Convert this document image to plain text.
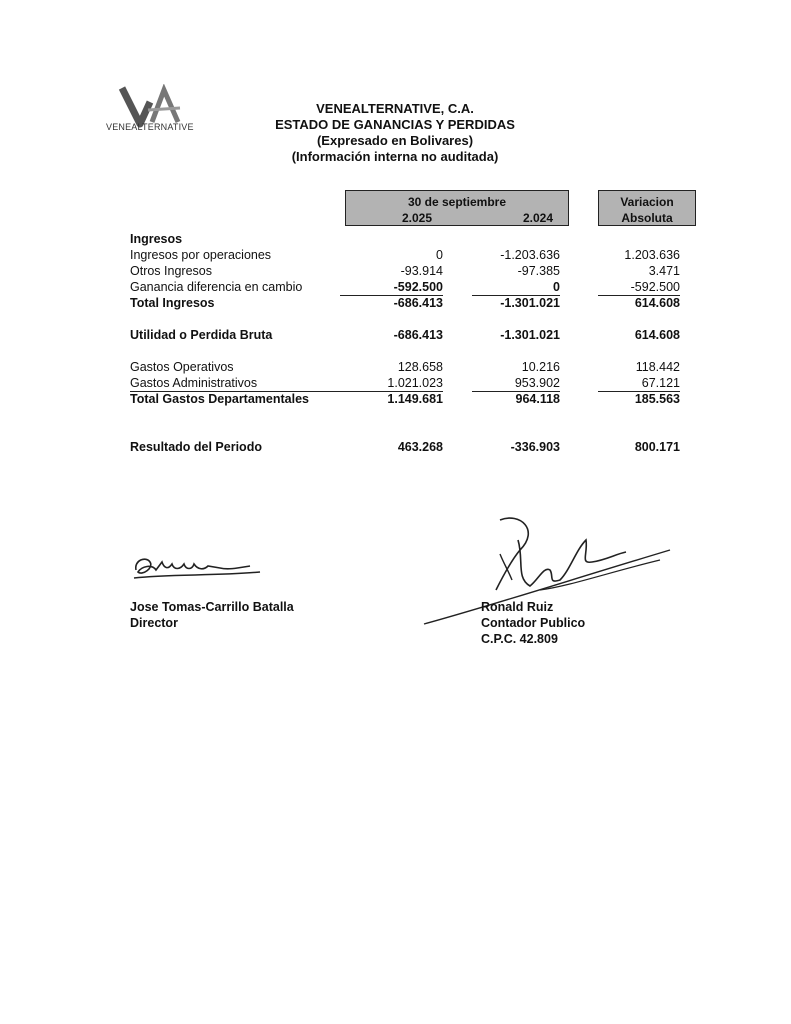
VENEALTERNATIVE
VENEALTERNATIVE, C.A.
ESTADO DE GANANCIAS Y PERDIDAS
(Expresado en Bolivares)
(Información interna no auditada)
30 de septiembre
2.025	2.024
Variacion
Absoluta
Ingresos
Ingresos por operaciones	0	-1.203.636	1.203.636
Otros Ingresos	-93.914	-97.385	3.471
Ganancia diferencia en cambio	-592.500	0	-592.500
Total Ingresos	-686.413	-1.301.021	614.608
Utilidad o Perdida Bruta	-686.413	-1.301.021	614.608
Gastos Operativos	128.658	10.216	118.442
Gastos Administrativos	1.021.023	953.902	67.121
Total Gastos Departamentales	1.149.681	964.118	185.563
Resultado del Periodo	463.268	-336.903	800.171
Jose Tomas-Carrillo Batalla
Director
Ronald Ruiz
Contador Publico
C.P.C. 42.809
